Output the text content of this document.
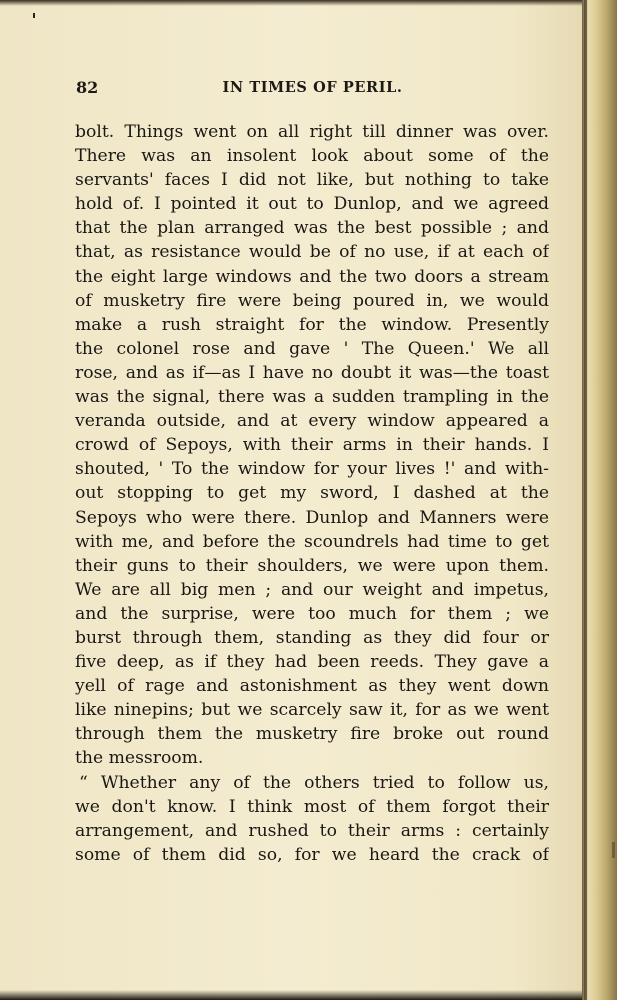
82	IN TIMES OF PERIL.
bolt. Things went on all right till dinner was over.
There was an insolent look about some of the
servants' faces I did not like, but nothing to take
hold of. I pointed it out to Dunlop, and we agreed
that the plan arranged was the best possible ; and
that, as resistance would be of no use, if at each of
the eight large windows and the two doors a stream
of musketry fire were being poured in, we would
make a rush straight for the window. Presently
the colonel rose and gave ' The Queen.' We all
rose, and as if—as I have no doubt it was—the toast
was the signal, there was a sudden trampling in the
veranda outside, and at every window appeared a
crowd of Sepoys, with their arms in their hands. I
shouted, ' To the window for your lives !' and with-
out stopping to get my sword, I dashed at the
Sepoys who were there. Dunlop and Manners were
with me, and before the scoundrels had time to get
their guns to their shoulders, we were upon them.
We are all big men ; and our weight and impetus,
and the surprise, were too much for them ; we
burst through them, standing as they did four or
five deep, as if they had been reeds. They gave a
yell of rage and astonishment as they went down
like ninepins; but we scarcely saw it, for as we went
through them the musketry fire broke out round
the messroom.
“ Whether any of the others tried to follow us,
we don't know. I think most of them forgot their
arrangement, and rushed to their arms : certainly
some of them did so, for we heard the crack of
